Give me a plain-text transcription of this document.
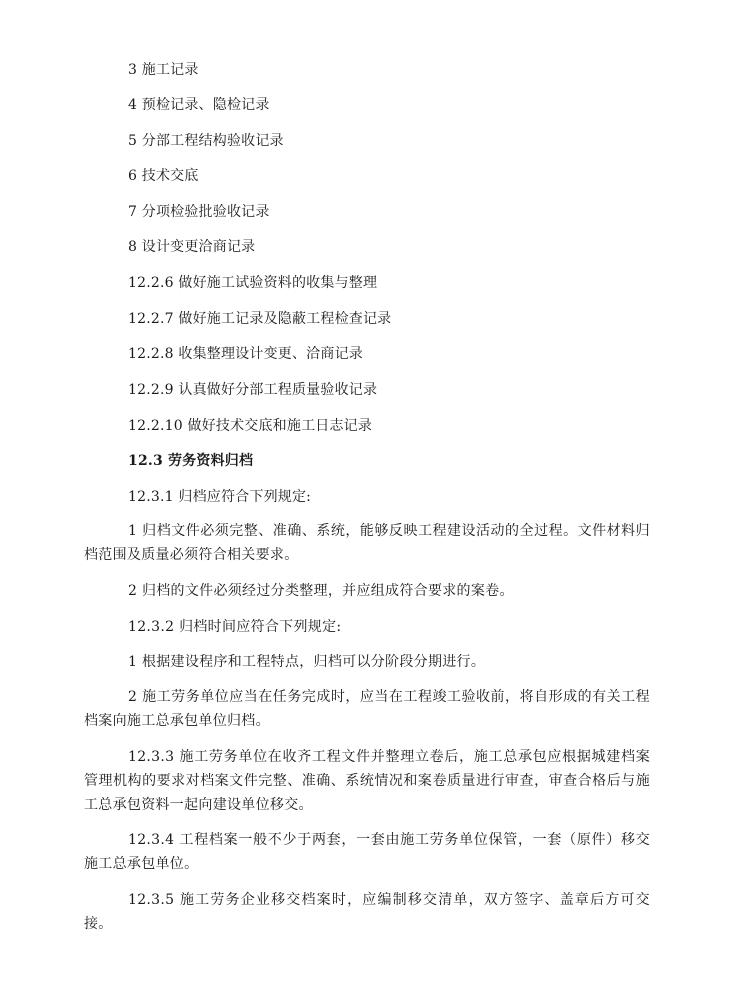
3 施工记录
4 预检记录、隐检记录
5 分部工程结构验收记录
6 技术交底
7 分项检验批验收记录
8 设计变更洽商记录
12.2.6 做好施工试验资料的收集与整理
12.2.7 做好施工记录及隐蔽工程检查记录
12.2.8 收集整理设计变更、洽商记录
12.2.9 认真做好分部工程质量验收记录
12.2.10 做好技术交底和施工日志记录
12.3 劳务资料归档
12.3.1 归档应符合下列规定:
1 归档文件必须完整、准确、系统，能够反映工程建设活动的全过程。文件材料归档范围及质量必须符合相关要求。
2 归档的文件必须经过分类整理，并应组成符合要求的案卷。
12.3.2 归档时间应符合下列规定:
1 根据建设程序和工程特点，归档可以分阶段分期进行。
2 施工劳务单位应当在任务完成时，应当在工程竣工验收前，将自形成的有关工程档案向施工总承包单位归档。
12.3.3 施工劳务单位在收齐工程文件并整理立卷后，施工总承包应根据城建档案管理机构的要求对档案文件完整、准确、系统情况和案卷质量进行审查，审查合格后与施工总承包资料一起向建设单位移交。
12.3.4 工程档案一般不少于两套，一套由施工劳务单位保管，一套（原件）移交施工总承包单位。
12.3.5 施工劳务企业移交档案时，应编制移交清单，双方签字、盖章后方可交接。
